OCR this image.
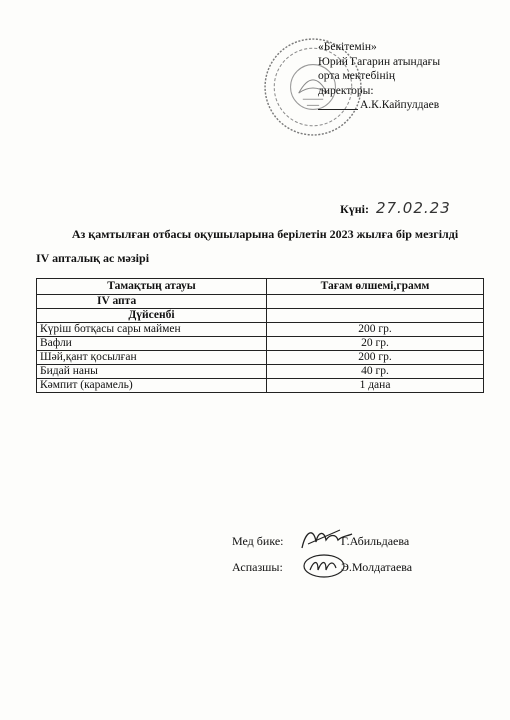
«Бекітемін»
Юрий Гагарин атындағы
орта мектебінің
директоры:
А.К.Кайпулдаев
Күні: 27.02.23
Аз қамтылған отбасы оқушыларына берілетін 2023 жылға бір мезгілді
IV апталық ас мәзірі
Тамақтың атауы	Тағам өлшемі,грамм
IV апта	
Дүйсенбі	
Күріш ботқасы сары маймен	200 гр.
Вафли	20 гр.
Шәй,қант қосылған	200 гр.
Бидай наны	40 гр.
Кәмпит (карамель)	1 дана
Мед бике:	Г.Абильдаева
Аспазшы:	Э.Молдатаева
